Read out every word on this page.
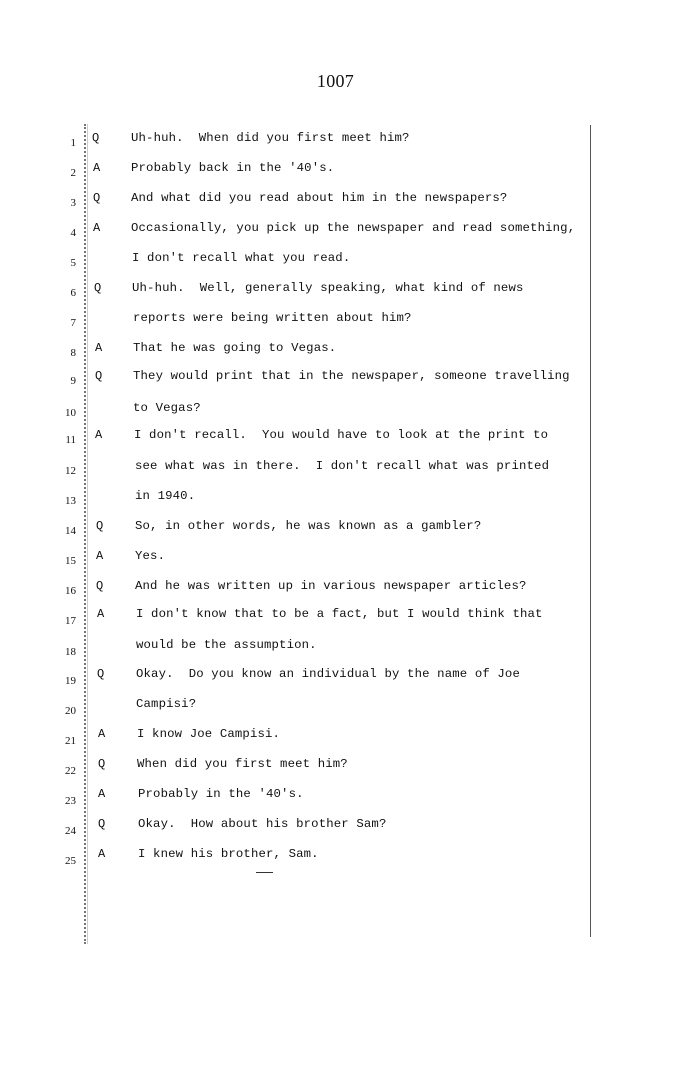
1007
1 Q	Uh-huh.  When did you first meet him?
2 A	Probably back in the '40's.
3 Q	And what did you read about him in the newspapers?
4 A	Occasionally, you pick up the newspaper and read something,
5	I don't recall what you read.
6 Q	Uh-huh.  Well, generally speaking, what kind of news
7	reports were being written about him?
8 A	That he was going to Vegas.
9 Q	They would print that in the newspaper, someone travelling
10	to Vegas?
11 A	I don't recall.  You would have to look at the print to
12	see what was in there.  I don't recall what was printed
13	in 1940.
14 Q	So, in other words, he was known as a gambler?
15 A	Yes.
16 Q	And he was written up in various newspaper articles?
17 A	I don't know that to be a fact, but I would think that
18	would be the assumption.
19 Q	Okay.  Do you know an individual by the name of Joe
20	Campisi?
21 A	I know Joe Campisi.
22 Q	When did you first meet him?
23 A	Probably in the '40's.
24 Q	Okay.  How about his brother Sam?
25 A	I knew his brother, Sam.
